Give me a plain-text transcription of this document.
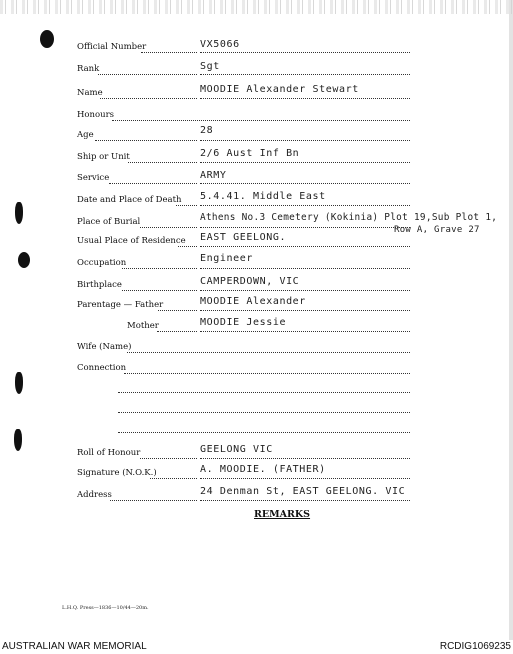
Official Number	VX5066
Rank	Sgt
Name	MOODIE Alexander Stewart
Honours
Age	28
Ship or Unit	2/6 Aust Inf Bn
Service	ARMY
Date and Place of Death 5.4.41. Middle East
Place of Burial	Athens No.3 Cemetery (Kokinia) Plot 19,Sub Plot 1,
Row A, Grave 27
Usual Place of Residence EAST GEELONG.
Occupation	Engineer
Birthplace	CAMPERDOWN, VIC
Parentage — Father	MOODIE Alexander
Mother	MOODIE Jessie
Wife (Name)
Connection
Roll of Honour	GEELONG VIC
Signature (N.O.K.)	A. MOODIE. (FATHER)
Address	24 Denman St, EAST GEELONG. VIC
REMARKS
L.H.Q. Press—1836—10/44—20m.
AUSTRALIAN WAR MEMORIAL	RCDIG1069235
